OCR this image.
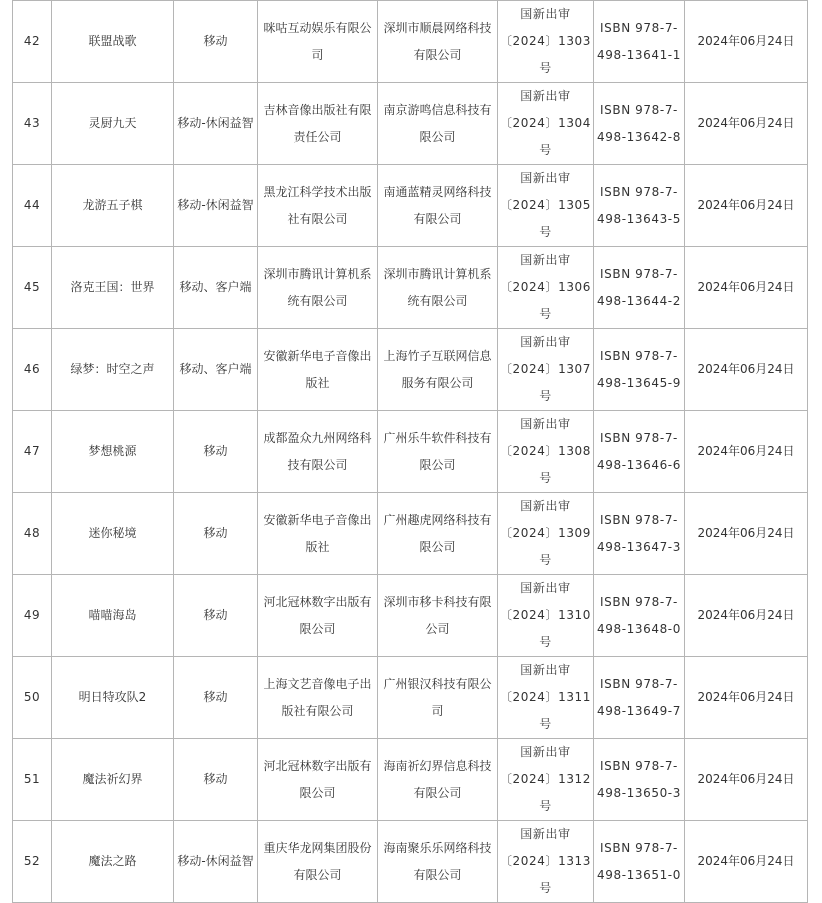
42	联盟战歌	移动	咪咕互动娱乐有限公
司	深圳市顺晨网络科技
有限公司	国新出审
〔2024〕1303
号	ISBN 978-7-
498-13641-1	2024年06月24日
43	灵厨九天	移动-休闲益智	吉林音像出版社有限
责任公司	南京游鸣信息科技有
限公司	国新出审
〔2024〕1304
号	ISBN 978-7-
498-13642-8	2024年06月24日
44	龙游五子棋	移动-休闲益智	黑龙江科学技术出版
社有限公司	南通蓝精灵网络科技
有限公司	国新出审
〔2024〕1305
号	ISBN 978-7-
498-13643-5	2024年06月24日
45	洛克王国：世界	移动、客户端	深圳市腾讯计算机系
统有限公司	深圳市腾讯计算机系
统有限公司	国新出审
〔2024〕1306
号	ISBN 978-7-
498-13644-2	2024年06月24日
46	绿梦：时空之声	移动、客户端	安徽新华电子音像出
版社	上海竹子互联网信息
服务有限公司	国新出审
〔2024〕1307
号	ISBN 978-7-
498-13645-9	2024年06月24日
47	梦想桃源	移动	成都盈众九州网络科
技有限公司	广州乐牛软件科技有
限公司	国新出审
〔2024〕1308
号	ISBN 978-7-
498-13646-6	2024年06月24日
48	迷你秘境	移动	安徽新华电子音像出
版社	广州趣虎网络科技有
限公司	国新出审
〔2024〕1309
号	ISBN 978-7-
498-13647-3	2024年06月24日
49	喵喵海岛	移动	河北冠林数字出版有
限公司	深圳市移卡科技有限
公司	国新出审
〔2024〕1310
号	ISBN 978-7-
498-13648-0	2024年06月24日
50	明日特攻队2	移动	上海文艺音像电子出
版社有限公司	广州银汉科技有限公
司	国新出审
〔2024〕1311
号	ISBN 978-7-
498-13649-7	2024年06月24日
51	魔法祈幻界	移动	河北冠林数字出版有
限公司	海南祈幻界信息科技
有限公司	国新出审
〔2024〕1312
号	ISBN 978-7-
498-13650-3	2024年06月24日
52	魔法之路	移动-休闲益智	重庆华龙网集团股份
有限公司	海南聚乐乐网络科技
有限公司	国新出审
〔2024〕1313
号	ISBN 978-7-
498-13651-0	2024年06月24日
